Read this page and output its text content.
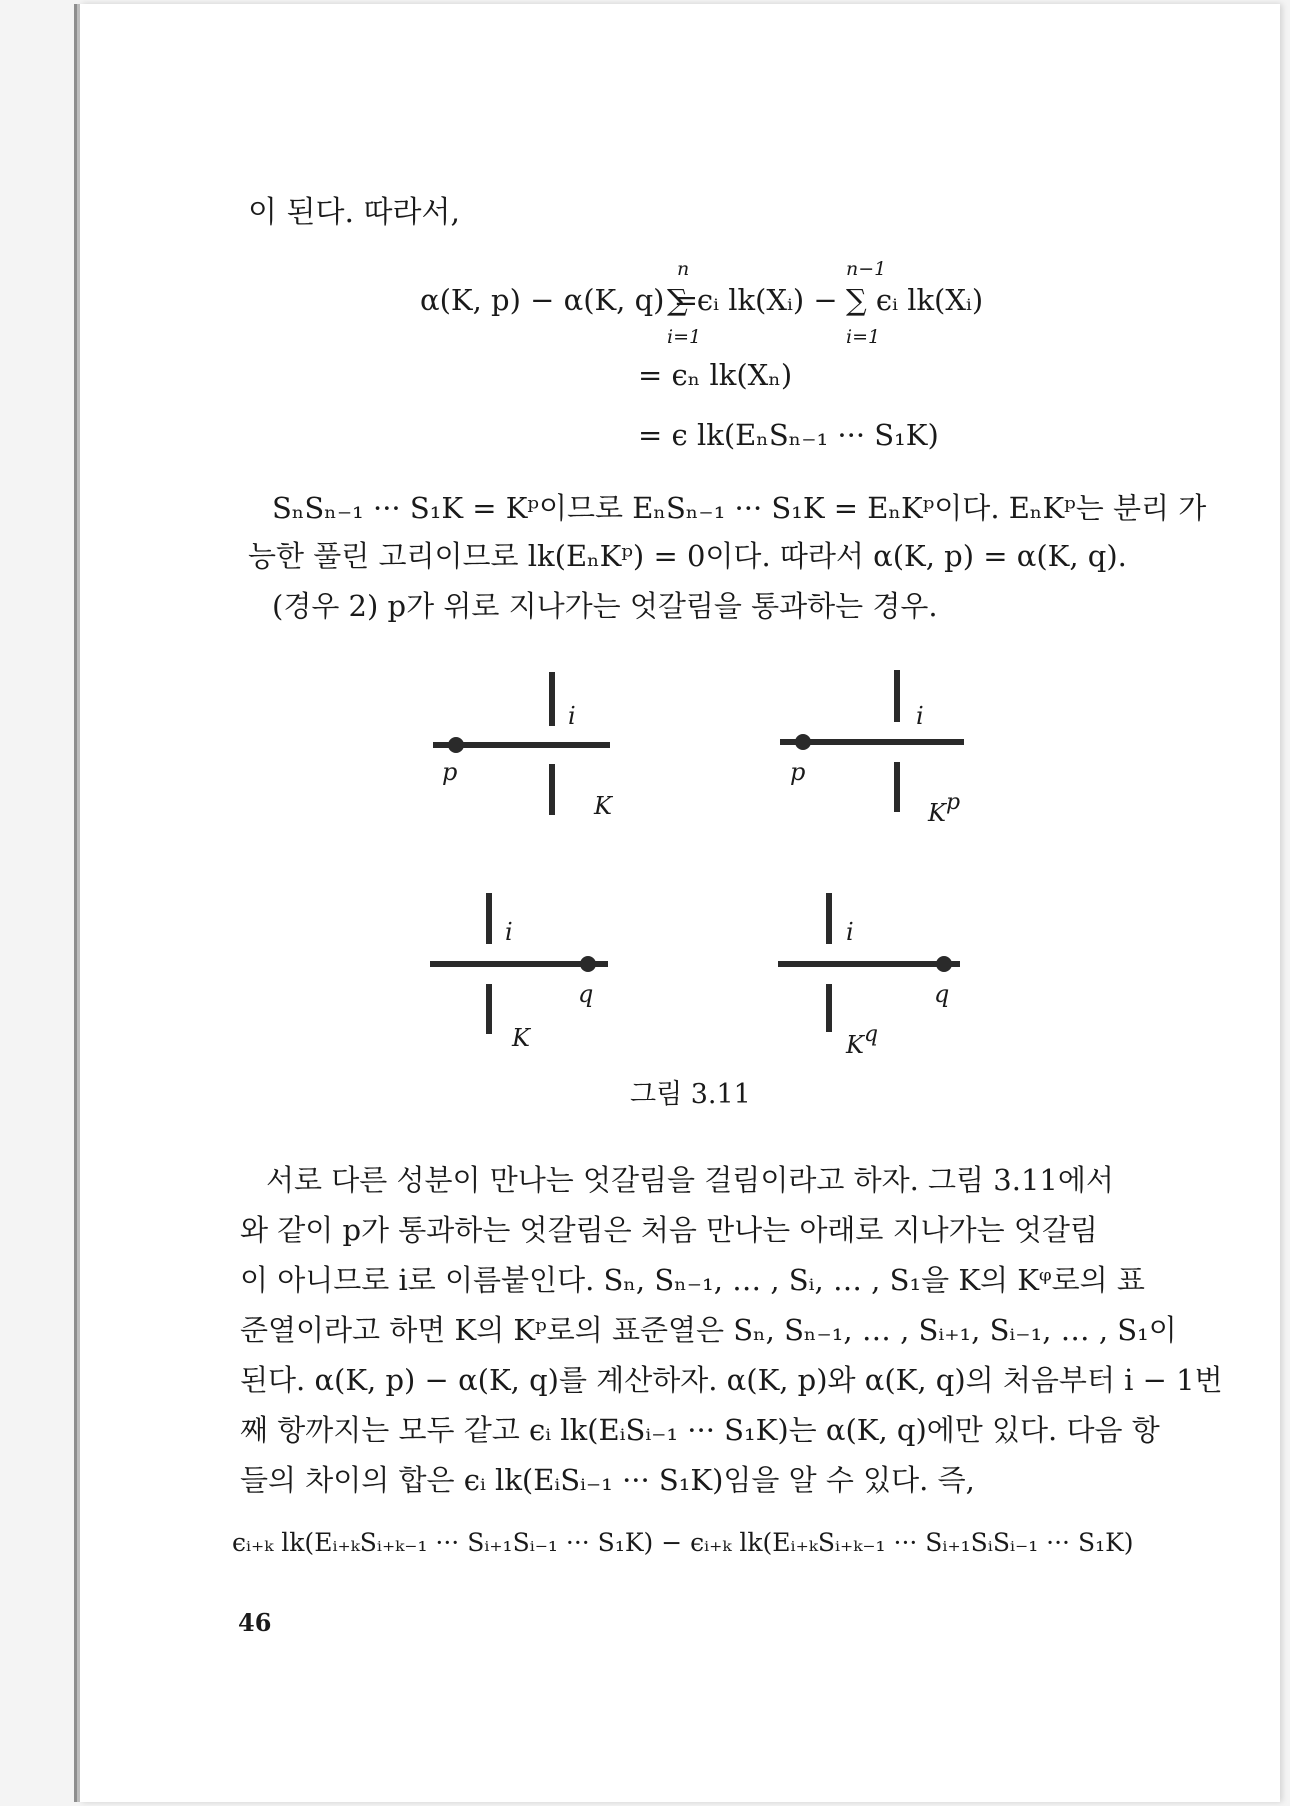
이 된다. 따라서,
α(K, p) − α(K, q) =
n
∑ ϵᵢ lk(Xᵢ) −
i=1
n−1
∑ ϵᵢ lk(Xᵢ)
i=1
= ϵₙ lk(Xₙ)
= ϵ lk(EₙSₙ₋₁ ··· S₁K)
SₙSₙ₋₁ ··· S₁K = Kᵖ이므로 EₙSₙ₋₁ ··· S₁K = EₙKᵖ이다. EₙKᵖ는 분리 가
능한 풀린 고리이므로 lk(EₙKᵖ) = 0이다. 따라서 α(K, p) = α(K, q).
(경우 2) p가 위로 지나가는 엇갈림을 통과하는 경우.
i
p
K
i
p
Kp
i
q
K
i
q
Kq
그림 3.11
서로 다른 성분이 만나는 엇갈림을 걸림이라고 하자. 그림 3.11에서
와 같이 p가 통과하는 엇갈림은 처음 만나는 아래로 지나가는 엇갈림
이 아니므로 i로 이름붙인다. Sₙ, Sₙ₋₁, … , Sᵢ, … , S₁을 K의 Kᵠ로의 표
준열이라고 하면 K의 Kᵖ로의 표준열은 Sₙ, Sₙ₋₁, … , Sᵢ₊₁, Sᵢ₋₁, … , S₁이
된다. α(K, p) − α(K, q)를 계산하자. α(K, p)와 α(K, q)의 처음부터 i − 1번
째 항까지는 모두 같고 ϵᵢ lk(EᵢSᵢ₋₁ ··· S₁K)는 α(K, q)에만 있다. 다음 항
들의 차이의 합은 ϵᵢ lk(EᵢSᵢ₋₁ ··· S₁K)임을 알 수 있다. 즉,
ϵᵢ₊ₖ lk(Eᵢ₊ₖSᵢ₊ₖ₋₁ ··· Sᵢ₊₁Sᵢ₋₁ ··· S₁K) − ϵᵢ₊ₖ lk(Eᵢ₊ₖSᵢ₊ₖ₋₁ ··· Sᵢ₊₁SᵢSᵢ₋₁ ··· S₁K)
46
